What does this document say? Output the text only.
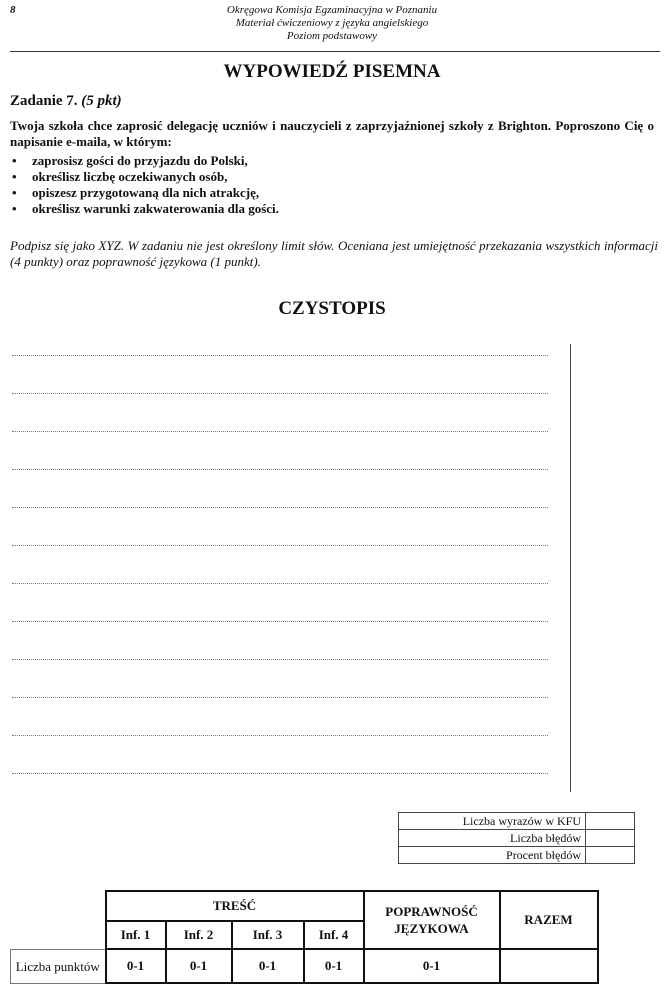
8	Okręgowa Komisja Egzaminacyjna w Poznaniu
Materiał ćwiczeniowy z języka angielskiego
Poziom podstawowy
WYPOWIEDŹ PISEMNA
Zadanie 7. (5 pkt)
Twoja szkoła chce zaprosić delegację uczniów i nauczycieli z zaprzyjaźnionej szkoły z Brighton. Poproszono Cię o napisanie e-maila, w którym:
• zaprosisz gości do przyjazdu do Polski,
• określisz liczbę oczekiwanych osób,
• opiszesz przygotowaną dla nich atrakcję,
• określisz warunki zakwaterowania dla gości.
Podpisz się jako XYZ. W zadaniu nie jest określony limit słów. Oceniana jest umiejętność przekazania wszystkich informacji (4 punkty) oraz poprawność językowa (1 punkt).
CZYSTOPIS
Liczba wyrazów w KFU	
Liczba błędów	
Procent błędów	
	TREŚĆ				POPRAWNOŚĆ JĘZYKOWA	RAZEM
	Inf. 1	Inf. 2	Inf. 3	Inf. 4		
Liczba punktów	0-1	0-1	0-1	0-1	0-1	
